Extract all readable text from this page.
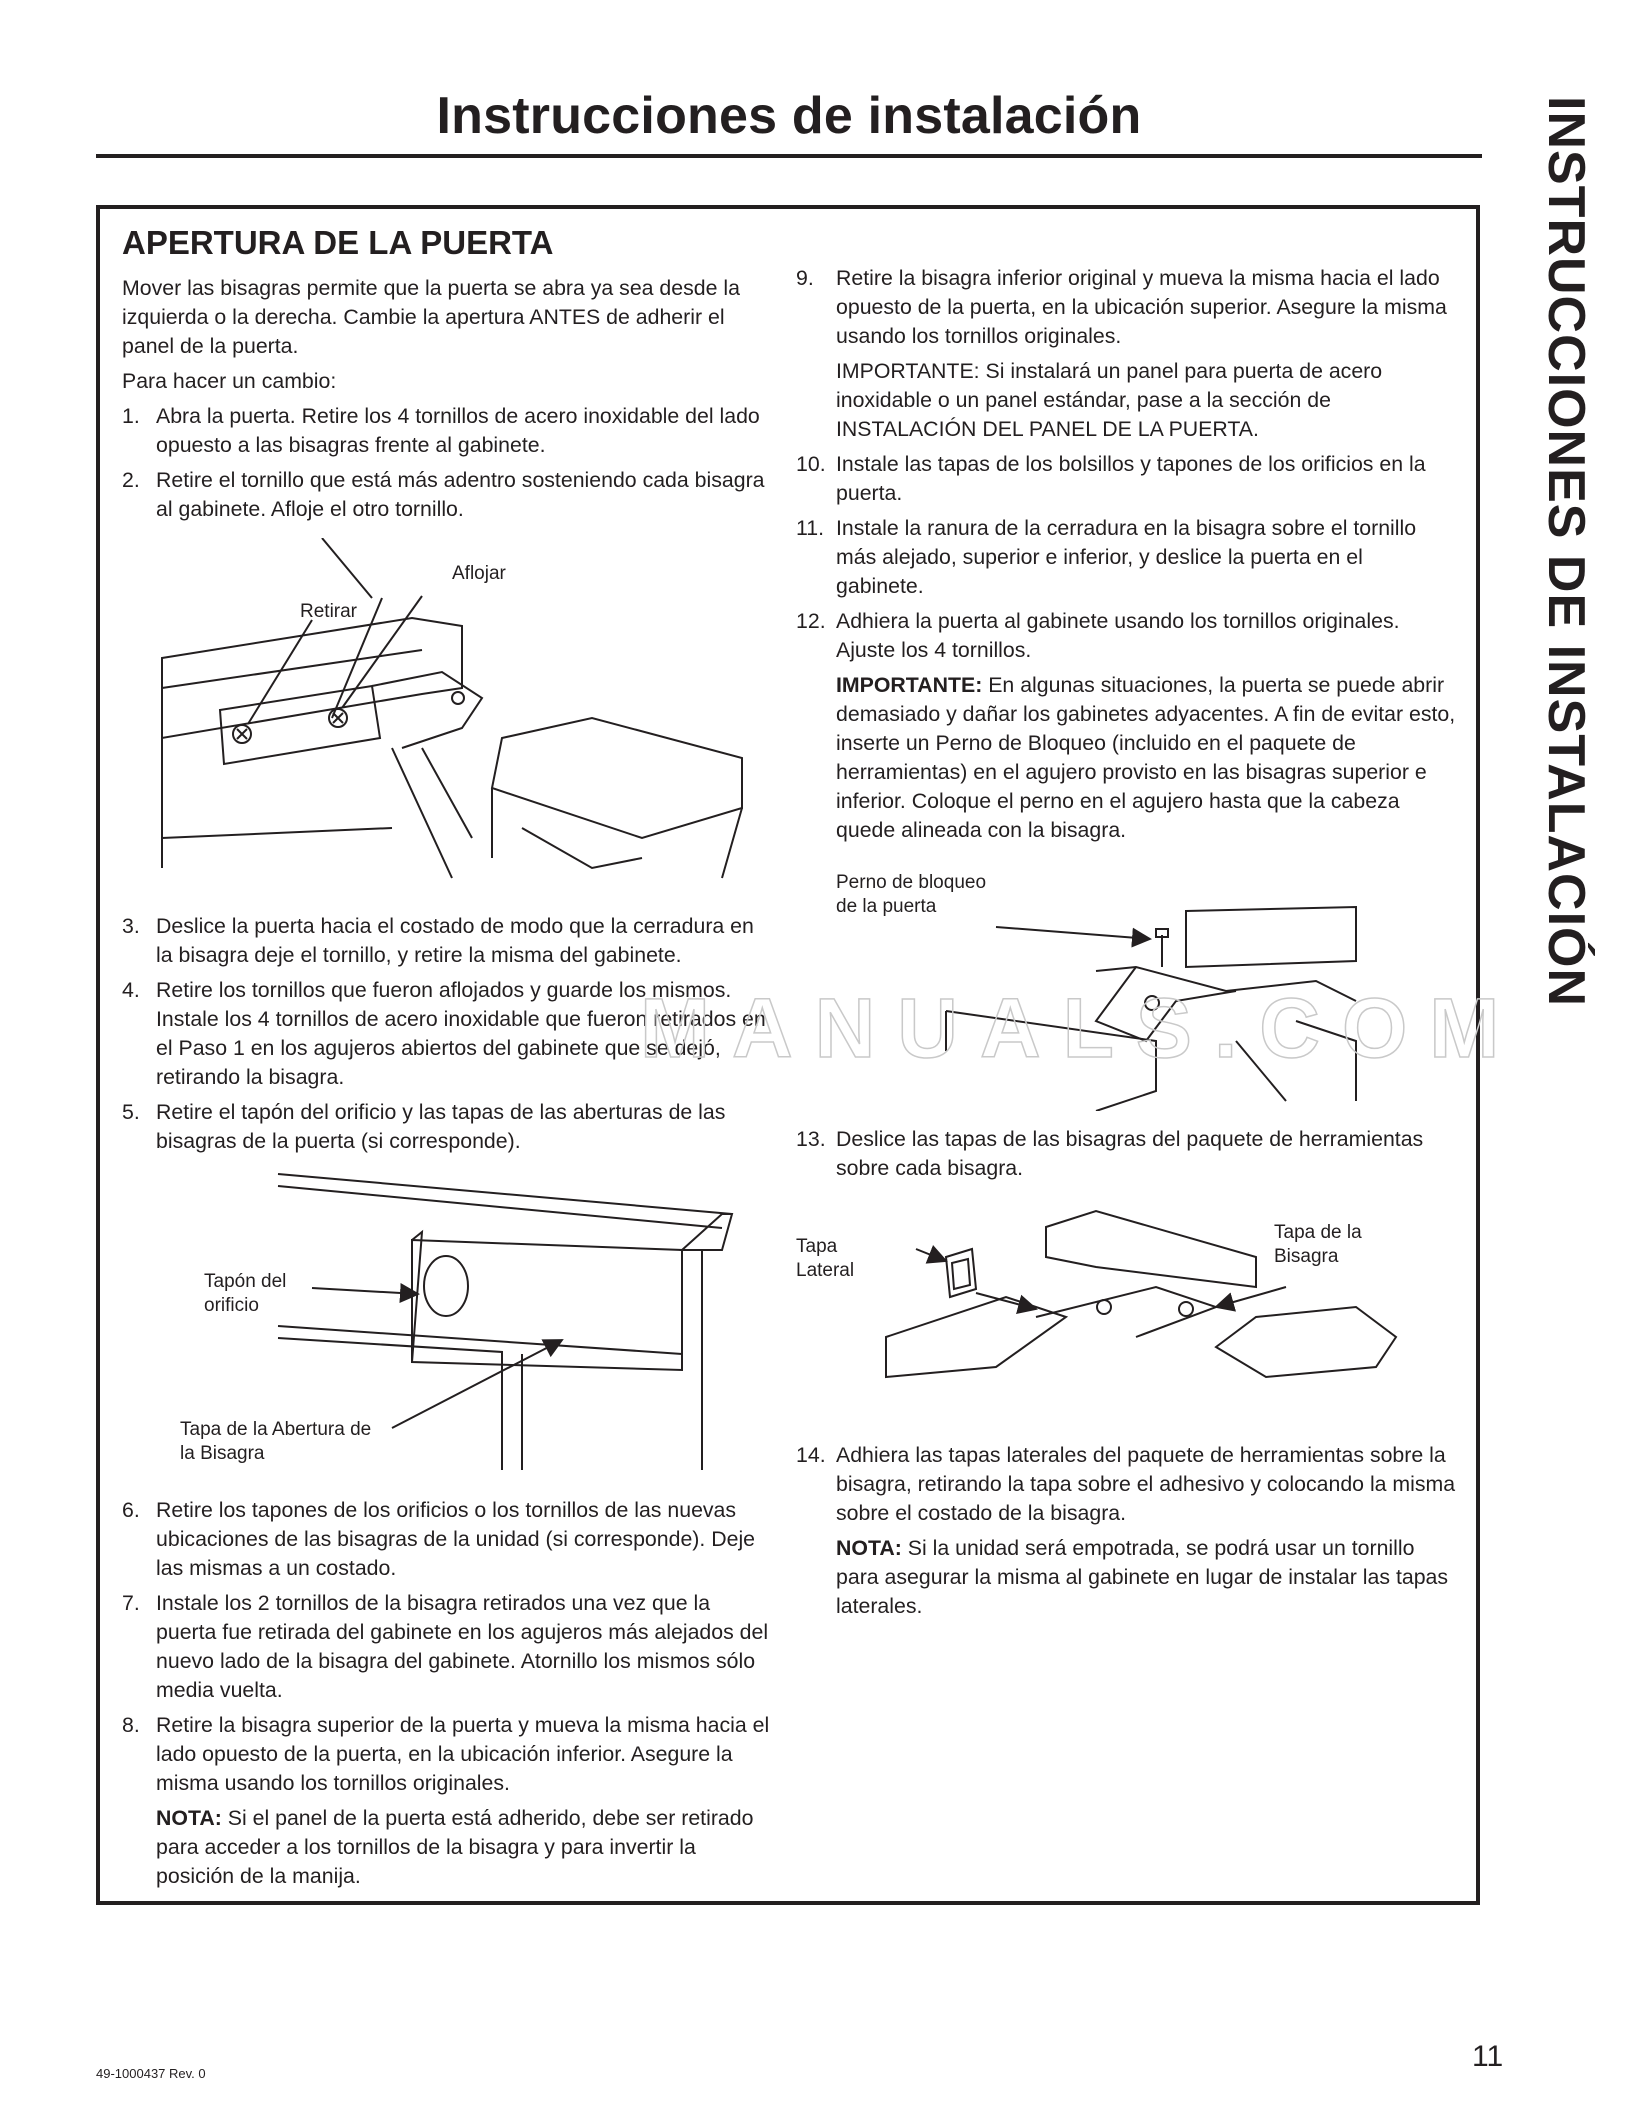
Instrucciones de instalación	INSTRUCCIONES DE INSTALACIÓN
APERTURA DE LA PUERTA

Mover las bisagras permite que la puerta se abra ya sea desde la izquierda o la derecha. Cambie la apertura ANTES de adherir el panel de la puerta.

Para hacer un cambio:

1. Abra la puerta. Retire los 4 tornillos de acero inoxidable del lado opuesto a las bisagras frente al gabinete.
2. Retire el tornillo que está más adentro sosteniendo cada bisagra al gabinete. Afloje el otro tornillo.
Retirar
Aflojar
3. Deslice la puerta hacia el costado de modo que la cerradura en la bisagra deje el tornillo, y retire la misma del gabinete.
4. Retire los tornillos que fueron aflojados y guarde los mismos. Instale los 4 tornillos de acero inoxidable que fueron retirados en el Paso 1 en los agujeros abiertos del gabinete que se dejó, retirando la bisagra.
5. Retire el tapón del orificio y las tapas de las aberturas de las bisagras de la puerta (si corresponde).
Tapón del
orificio
Tapa de la Abertura de
la Bisagra
6. Retire los tapones de los orificios o los tornillos de las nuevas ubicaciones de las bisagras de la unidad (si corresponde). Deje las mismas a un costado.
7. Instale los 2 tornillos de la bisagra retirados una vez que la puerta fue retirada del gabinete en los agujeros más alejados del nuevo lado de la bisagra del gabinete. Atornillo los mismos sólo media vuelta.
8. Retire la bisagra superior de la puerta y mueva la misma hacia el lado opuesto de la puerta, en la ubicación inferior. Asegure la misma usando los tornillos originales.
NOTA: Si el panel de la puerta está adherido, debe ser retirado para acceder a los tornillos de la bisagra y para invertir la posición de la manija.
9. Retire la bisagra inferior original y mueva la misma hacia el lado opuesto de la puerta, en la ubicación superior. Asegure la misma usando los tornillos originales.
IMPORTANTE: Si instalará un panel para puerta de acero inoxidable o un panel estándar, pase a la sección de INSTALACIÓN DEL PANEL DE LA PUERTA.
10. Instale las tapas de los bolsillos y tapones de los orificios en la puerta.
11. Instale la ranura de la cerradura en la bisagra sobre el tornillo más alejado, superior e inferior, y deslice la puerta en el gabinete.
12. Adhiera la puerta al gabinete usando los tornillos originales. Ajuste los 4 tornillos.
IMPORTANTE: En algunas situaciones, la puerta se puede abrir demasiado y dañar los gabinetes adyacentes. A fin de evitar esto, inserte un Perno de Bloqueo (incluido en el paquete de herramientas) en el agujero provisto en las bisagras superior e inferior. Coloque el perno en el agujero hasta que la cabeza quede alineada con la bisagra.
Perno de bloqueo
de la puerta
13. Deslice las tapas de las bisagras del paquete de herramientas sobre cada bisagra.
Tapa
Lateral
Tapa de la
Bisagra
14. Adhiera las tapas laterales del paquete de herramientas sobre la bisagra, retirando la tapa sobre el adhesivo y colocando la misma sobre el costado de la bisagra.
NOTA: Si la unidad será empotrada, se podrá usar un tornillo para asegurar la misma al gabinete en lugar de instalar las tapas laterales.
MANUALS.COM
49-1000437 Rev. 0
11
